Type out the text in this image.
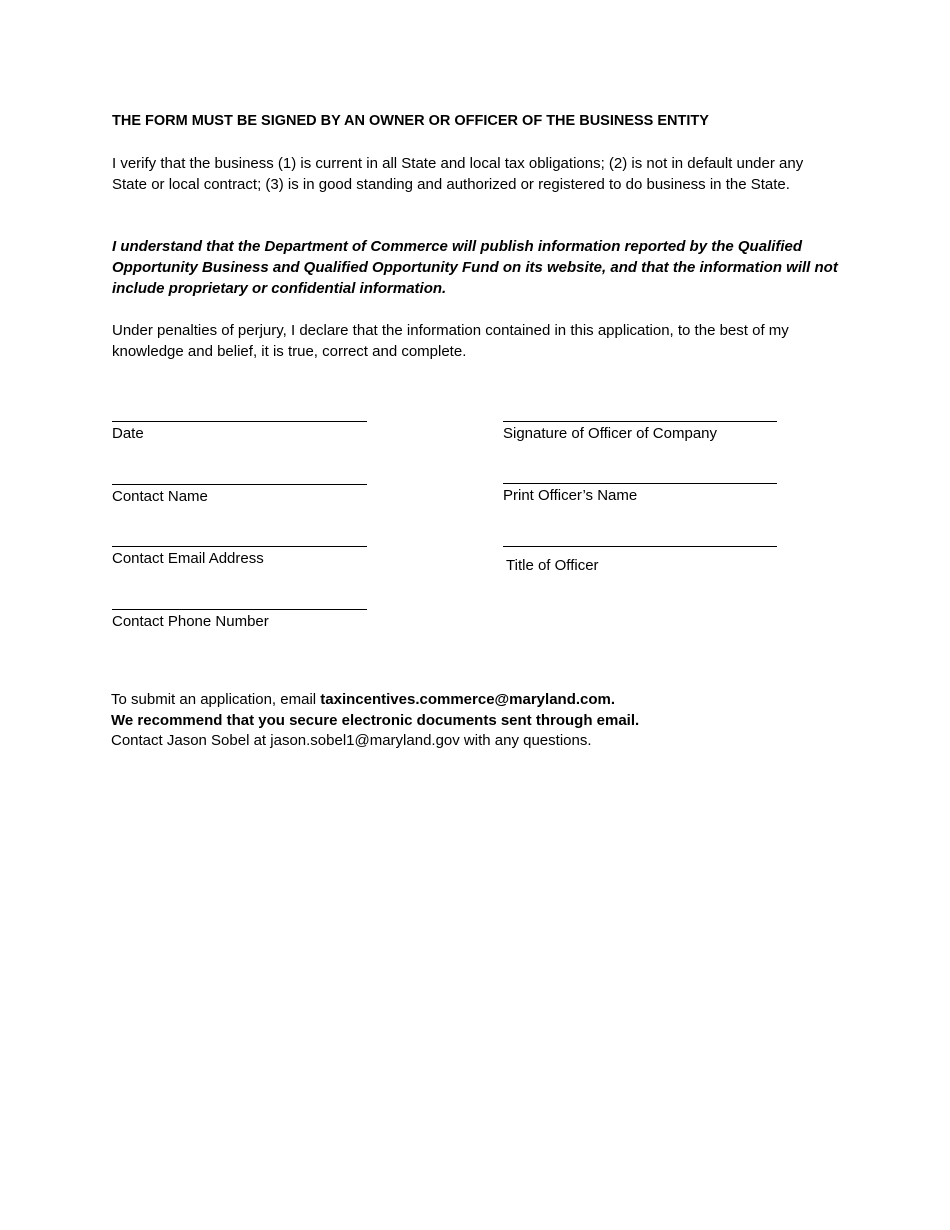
THE FORM MUST BE SIGNED BY AN OWNER OR OFFICER OF THE BUSINESS ENTITY

I verify that the business (1) is current in all State and local tax obligations; (2) is not in default under any State or local contract; (3) is in good standing and authorized or registered to do business in the State.

I understand that the Department of Commerce will publish information reported by the Qualified Opportunity Business and Qualified Opportunity Fund on its website, and that the information will not include proprietary or confidential information.

Under penalties of perjury, I declare that the information contained in this application, to the best of my knowledge and belief, it is true, correct and complete.

Date
Contact Name
Contact Email Address
Contact Phone Number
Signature of Officer of Company
Print Officer’s Name
Title of Officer
To submit an application, email taxincentives.commerce@maryland.com.
We recommend that you secure electronic documents sent through email.
Contact Jason Sobel at jason.sobel1@maryland.gov with any questions.
